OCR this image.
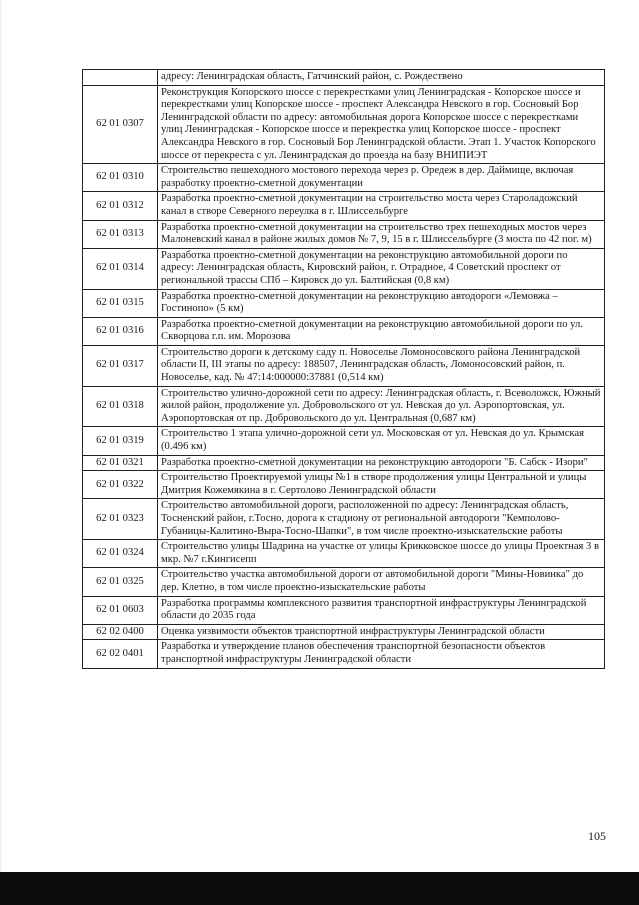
	адресу: Ленинградская область, Гатчинский район, с. Рождествено
62 01 0307	Реконструкция Копорского шоссе с перекрестками улиц Ленинградская - Копорское шоссе и перекрестками улиц Копорское шоссе - проспект Александра Невского в гор. Сосновый Бор Ленинградской области по адресу: автомобильная дорога Копорское шоссе с перекрестками улиц Ленинградская - Копорское шоссе и перекрестка улиц Копорское шоссе - проспект Александра Невского в гор. Сосновый Бор Ленинградской области. Этап 1. Участок Копорского шоссе от перекреста с ул. Ленинградская до проезда на базу ВНИПИЭТ
62 01 0310	Строительство пешеходного мостового перехода через р. Оредеж в дер. Даймище, включая разработку проектно-сметной документации
62 01 0312	Разработка проектно-сметной документации на строительство моста через Староладожский канал в створе Северного переулка в г. Шлиссельбурге
62 01 0313	Разработка проектно-сметной документации на строительство трех пешеходных мостов через Малоневский канал в районе жилых домов № 7, 9, 15 в г. Шлиссельбурге (3 моста по 42 пог. м)
62 01 0314	Разработка проектно-сметной документации на реконструкцию автомобильной дороги по адресу: Ленинградская область, Кировский район, г. Отрадное, 4 Советский проспект от региональной трассы СПб – Кировск до ул. Балтийская (0,8 км)
62 01 0315	Разработка проектно-сметной документации на реконструкцию автодороги «Лемовжа – Гостинопо» (5 км)
62 01 0316	Разработка проектно-сметной документации на реконструкцию автомобильной дороги по ул. Скворцова г.п. им. Морозова
62 01 0317	Строительство дороги к детскому саду п. Новоселье Ломоносовского района Ленинградской области II, III этапы по адресу: 188507, Ленинградская область, Ломоносовский район, п. Новоселье, кад. № 47:14:000000:37881 (0,514 км)
62 01 0318	Строительство улично-дорожной сети по адресу: Ленинградская область, г. Всеволожск, Южный жилой район, продолжение ул. Добровольского от ул. Невская до ул. Аэропортовская, ул. Аэропортовская от пр. Добровольского до ул. Центральная (0,687 км)
62 01 0319	Строительство 1 этапа улично-дорожной сети ул. Московская от ул. Невская до ул. Крымская (0.496 км)
62 01 0321	Разработка проектно-сметной документации на реконструкцию автодороги "Б. Сабск - Изори"
62 01 0322	Строительство Проектируемой улицы №1 в створе продолжения улицы Центральной и улицы Дмитрия Кожемякина в г. Сертолово Ленинградской области
62 01 0323	Строительство автомобильной дороги, расположенной по адресу: Ленинградская область, Тосненский район, г.Тосно, дорога к стадиону от региональной автодороги "Кемполово-Губаницы-Калитино-Выра-Тосно-Шапки", в том числе проектно-изыскательские работы
62 01 0324	Строительство улицы Шадрина на участке от улицы Крикковское шоссе до улицы Проектная 3 в мкр. №7 г.Кингисепп
62 01 0325	Строительство участка автомобильной дороги от автомобильной дороги "Мины-Новинка" до дер. Клетно, в том числе проектно-изыскательские работы
62 01 0603	Разработка программы комплексного развития транспортной инфраструктуры Ленинградской области до 2035 года
62 02 0400	Оценка уязвимости объектов транспортной инфраструктуры Ленинградской области
62 02 0401	Разработка и утверждение планов обеспечения транспортной безопасности объектов транспортной инфраструктуры Ленинградской области
105
